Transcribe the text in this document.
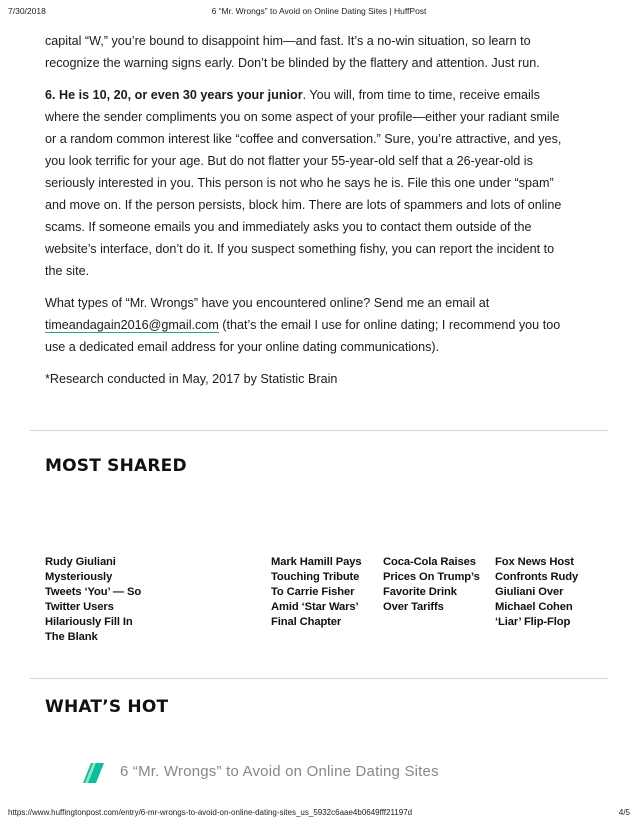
7/30/2018	6 “Mr. Wrongs” to Avoid on Online Dating Sites | HuffPost

capital “W,” you’re bound to disappoint him—and fast. It’s a no-win situation, so learn to
recognize the warning signs early. Don’t be blinded by the flattery and attention. Just run.

6. He is 10, 20, or even 30 years your junior. You will, from time to time, receive emails
where the sender compliments you on some aspect of your profile—either your radiant smile
or a random common interest like “coffee and conversation.” Sure, you’re attractive, and yes,
you look terrific for your age. But do not flatter your 55-year-old self that a 26-year-old is
seriously interested in you. This person is not who he says he is. File this one under “spam”
and move on. If the person persists, block him. There are lots of spammers and lots of online
scams. If someone emails you and immediately asks you to contact them outside of the
website’s interface, don’t do it. If you suspect something fishy, you can report the incident to
the site.

What types of “Mr. Wrongs” have you encountered online? Send me an email at
timeandagain2016@gmail.com (that’s the email I use for online dating; I recommend you too
use a dedicated email address for your online dating communications).

*Research conducted in May, 2017 by Statistic Brain

MOST SHARED
Rudy Giuliani
Mysteriously
Tweets ‘You’ — So
Twitter Users
Hilariously Fill In
The Blank
Mark Hamill Pays
Touching Tribute
To Carrie Fisher
Amid ‘Star Wars’
Final Chapter
Coca-Cola Raises
Prices On Trump’s
Favorite Drink
Over Tariffs
Fox News Host
Confronts Rudy
Giuliani Over
Michael Cohen
‘Liar’ Flip-Flop
WHAT’S HOT
6 “Mr. Wrongs” to Avoid on Online Dating Sites
https://www.huffingtonpost.com/entry/6-mr-wrongs-to-avoid-on-online-dating-sites_us_5932c6aae4b0649fff21197d	4/5
